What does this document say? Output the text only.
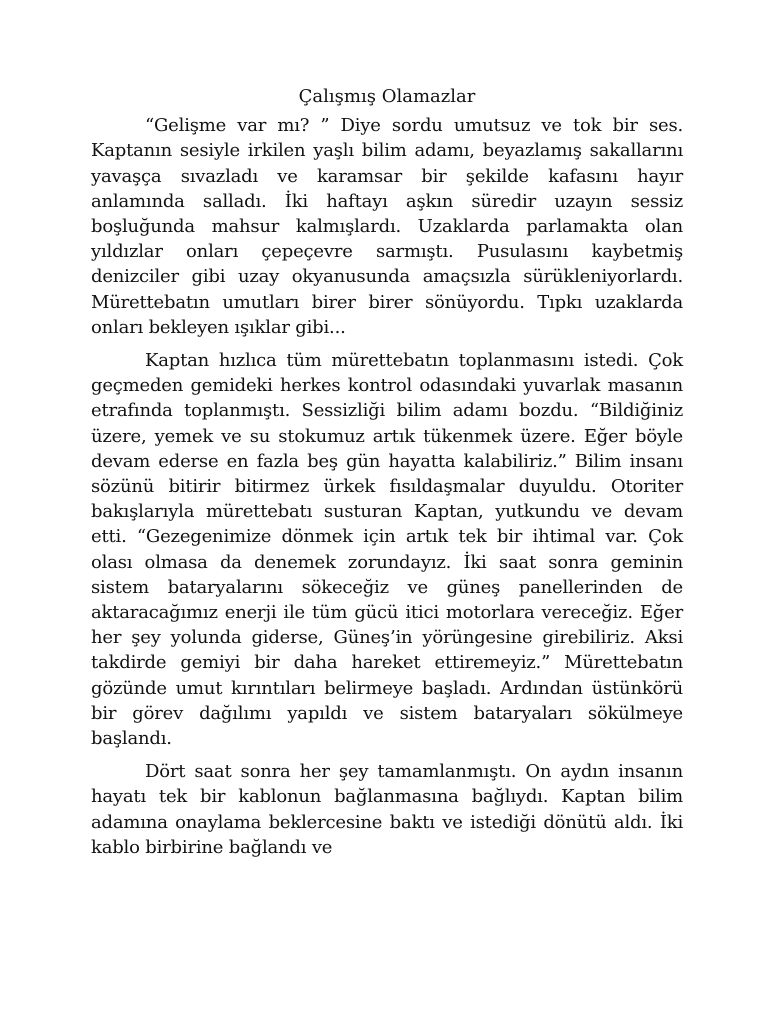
Çalışmış Olamazlar

“Gelişme var mı? ” Diye sordu umutsuz ve tok bir ses. Kaptanın sesiyle irkilen yaşlı bilim adamı, beyazlamış sakallarını yavaşça sıvazladı ve karamsar bir şekilde kafasını hayır anlamında salladı. İki haftayı aşkın süredir uzayın sessiz boşluğunda mahsur kalmışlardı. Uzaklarda parlamakta olan yıldızlar onları çepeçevre sarmıştı. Pusulasını kaybetmiş denizciler gibi uzay okyanusunda amaçsızla sürükleniyorlardı. Mürettebatın umutları birer birer sönüyordu. Tıpkı uzaklarda onları bekleyen ışıklar gibi...

Kaptan hızlıca tüm mürettebatın toplanmasını istedi. Çok geçmeden gemideki herkes kontrol odasındaki yuvarlak masanın etrafında toplanmıştı. Sessizliği bilim adamı bozdu. “Bildiğiniz üzere, yemek ve su stokumuz artık tükenmek üzere. Eğer böyle devam ederse en fazla beş gün hayatta kalabiliriz.” Bilim insanı sözünü bitirir bitirmez ürkek fısıldaşmalar duyuldu. Otoriter bakışlarıyla mürettebatı susturan Kaptan, yutkundu ve devam etti. “Gezegenimize dönmek için artık tek bir ihtimal var. Çok olası olmasa da denemek zorundayız. İki saat sonra geminin sistem bataryalarını sökeceğiz ve güneş panellerinden de aktaracağımız enerji ile tüm gücü itici motorlara vereceğiz. Eğer her şey yolunda giderse, Güneş’in yörüngesine girebiliriz. Aksi takdirde gemiyi bir daha hareket ettiremeyiz.” Mürettebatın gözünde umut kırıntıları belirmeye başladı. Ardından üstünkörü bir görev dağılımı yapıldı ve sistem bataryaları sökülmeye başlandı.

Dört saat sonra her şey tamamlanmıştı. On aydın insanın hayatı tek bir kablonun bağlanmasına bağlıydı. Kaptan bilim adamına onaylama beklercesine baktı ve istediği dönütü aldı. İki kablo birbirine bağlandı ve
